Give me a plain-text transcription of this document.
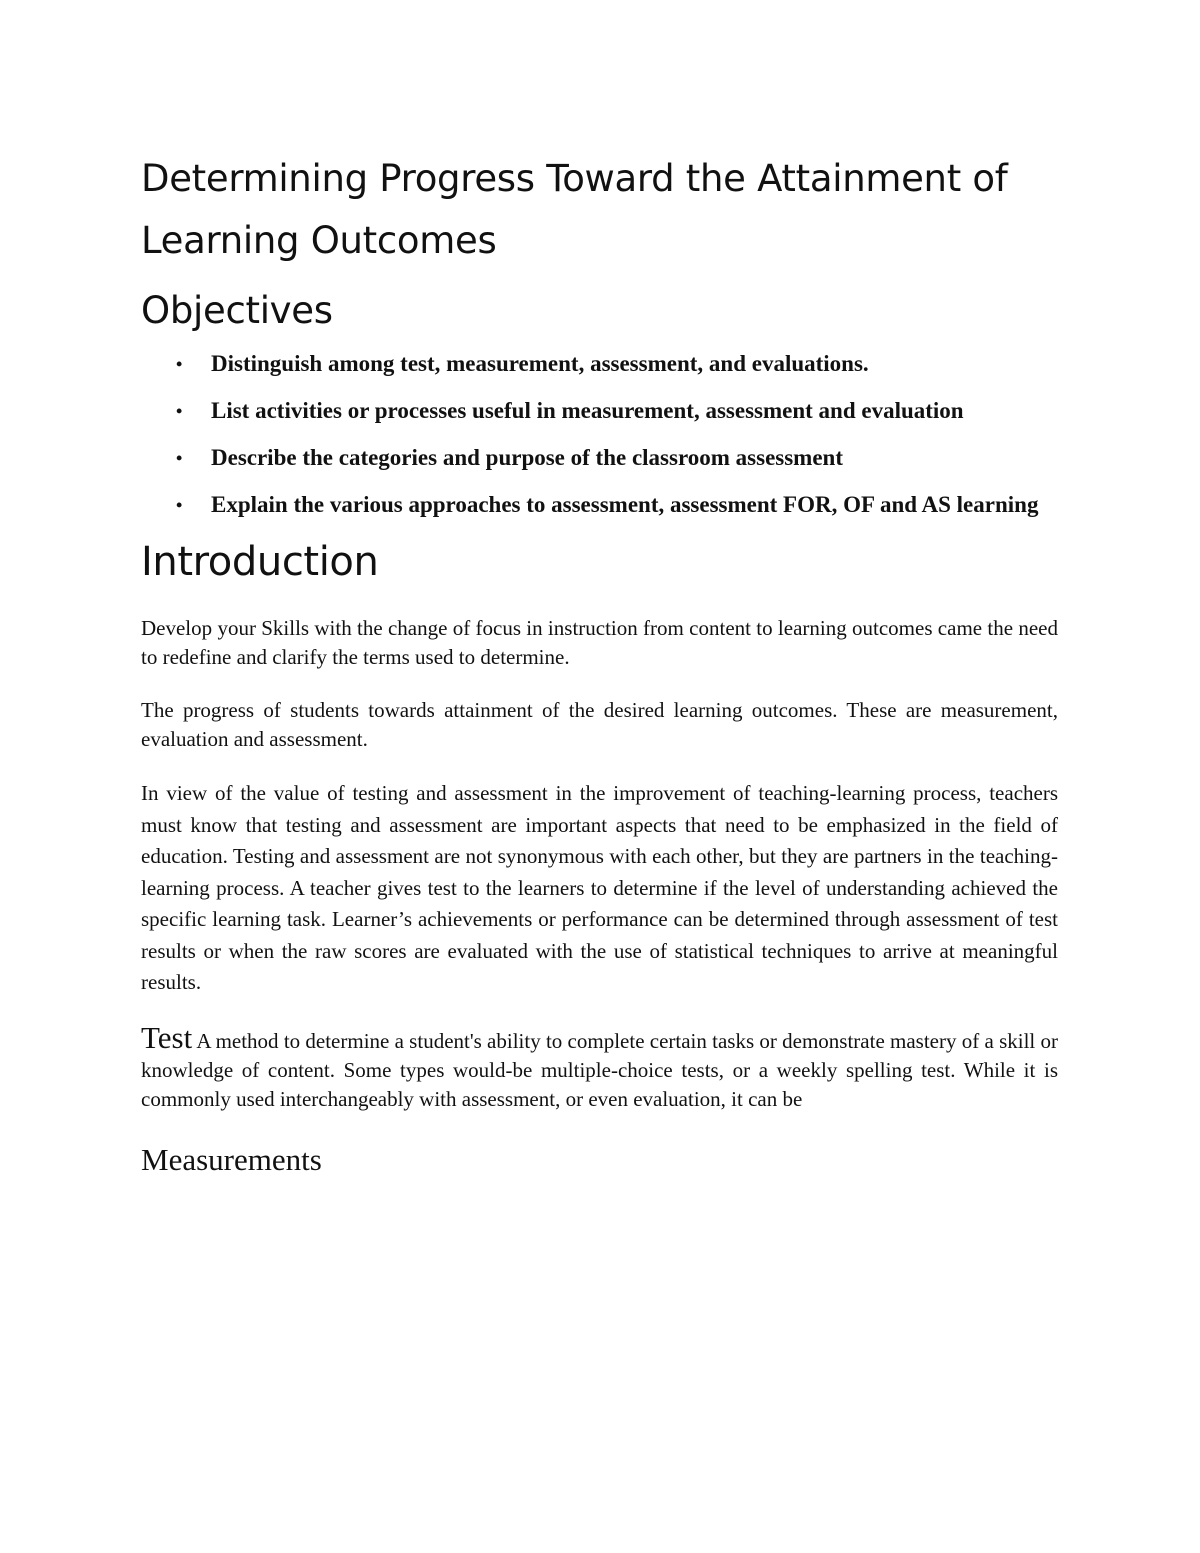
Determining Progress Toward the Attainment of Learning Outcomes
Objectives
• Distinguish among test, measurement, assessment, and evaluations.
• List activities or processes useful in measurement, assessment and evaluation
• Describe the categories and purpose of the classroom assessment
• Explain the various approaches to assessment, assessment FOR, OF and AS learning
Introduction

Develop your Skills with the change of focus in instruction from content to learning outcomes came the need to redefine and clarify the terms used to determine.

The progress of students towards attainment of the desired learning outcomes. These are measurement, evaluation and assessment.

In view of the value of testing and assessment in the improvement of teaching-learning process, teachers must know that testing and assessment are important aspects that need to be emphasized in the field of education. Testing and assessment are not synonymous with each other, but they are partners in the teaching-learning process. A teacher gives test to the learners to determine if the level of understanding achieved the specific learning task. Learner’s achievements or performance can be determined through assessment of test results or when the raw scores are evaluated with the use of statistical techniques to arrive at meaningful results.

Test A method to determine a student's ability to complete certain tasks or demonstrate mastery of a skill or knowledge of content. Some types would-be multiple-choice tests, or a weekly spelling test. While it is commonly used interchangeably with assessment, or even evaluation, it can be

Measurements
